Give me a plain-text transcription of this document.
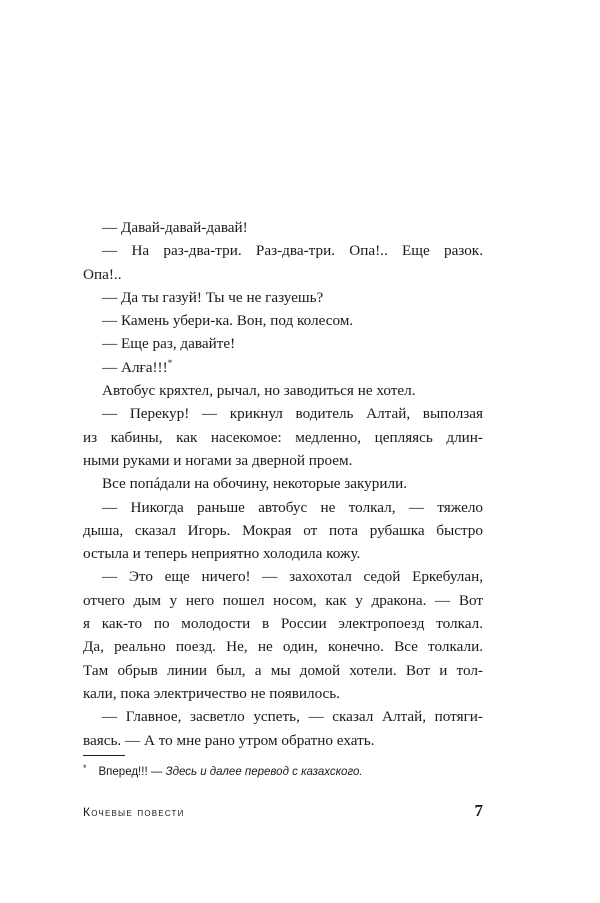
— Давай-давай-давай!

— На раз-два-три. Раз-два-три. Опа!.. Еще разок.
Опа!..

— Да ты газуй! Ты че не газуешь?

— Камень убери-ка. Вон, под колесом.

— Еще раз, давайте!

— Алға!!!*

Автобус кряхтел, рычал, но заводиться не хотел.

— Перекур! — крикнул водитель Алтай, выползая
из кабины, как насекомое: медленно, цепляясь длин-
ными руками и ногами за дверной проем.

Все попáдали на обочину, некоторые закурили.

— Никогда раньше автобус не толкал, — тяжело
дыша, сказал Игорь. Мокрая от пота рубашка быстро
остыла и теперь неприятно холодила кожу.

— Это еще ничего! — захохотал седой Еркебулан,
отчего дым у него пошел носом, как у дракона. — Вот
я как-то по молодости в России электропоезд толкал.
Да, реально поезд. Не, не один, конечно. Все толкали.
Там обрыв линии был, а мы домой хотели. Вот и тол-
кали, пока электричество не появилось.

— Главное, засветло успеть, — сказал Алтай, потяги-
ваясь. — А то мне рано утром обратно ехать.

* Вперед!!! — Здесь и далее перевод с казахского.
Кочевые повести	7
